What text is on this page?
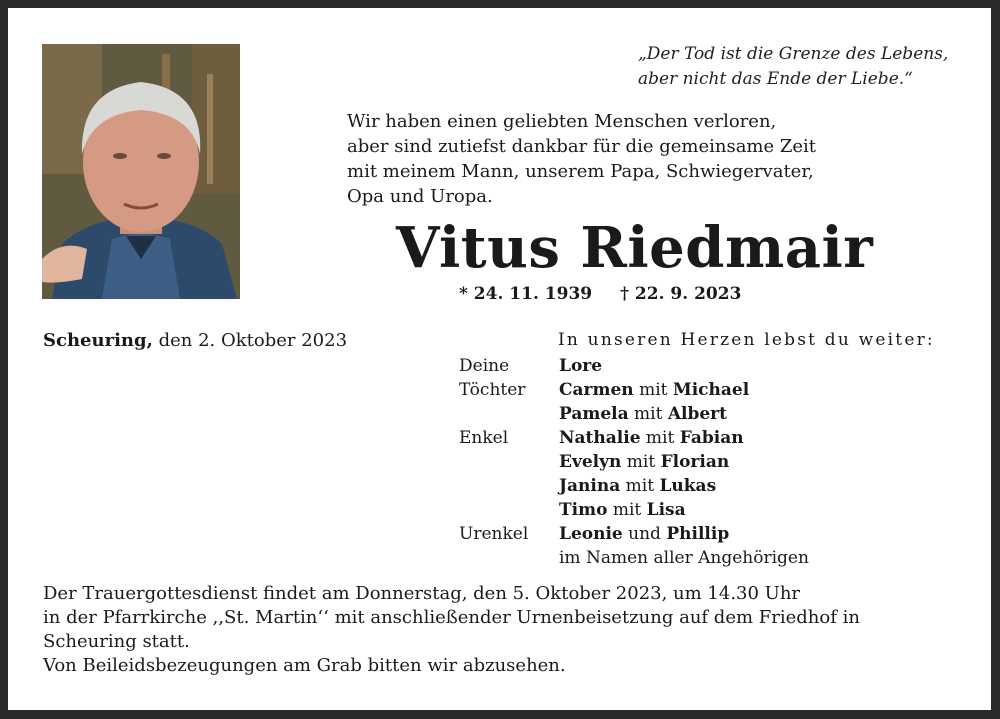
„Der Tod ist die Grenze des Lebens,
aber nicht das Ende der Liebe.“
Wir haben einen geliebten Menschen verloren,
aber sind zutiefst dankbar für die gemeinsame Zeit
mit meinem Mann, unserem Papa, Schwiegervater,
Opa und Uropa.
Vitus Riedmair
* 24. 11. 1939 † 22. 9. 2023
Scheuring, den 2. Oktober 2023	In unseren Herzen lebst du weiter:
Deine
Töchter
Enkel
Urenkel
Lore
Carmen mit Michael
Pamela mit Albert
Nathalie mit Fabian
Evelyn mit Florian
Janina mit Lukas
Timo mit Lisa
Leonie und Phillip
im Namen aller Angehörigen
Der Trauergottesdienst findet am Donnerstag, den 5. Oktober 2023, um 14.30 Uhr
in der Pfarrkirche ,,St. Martin‘‘ mit anschließender Urnenbeisetzung auf dem Friedhof in
Scheuring statt.
Von Beileidsbezeugungen am Grab bitten wir abzusehen.
